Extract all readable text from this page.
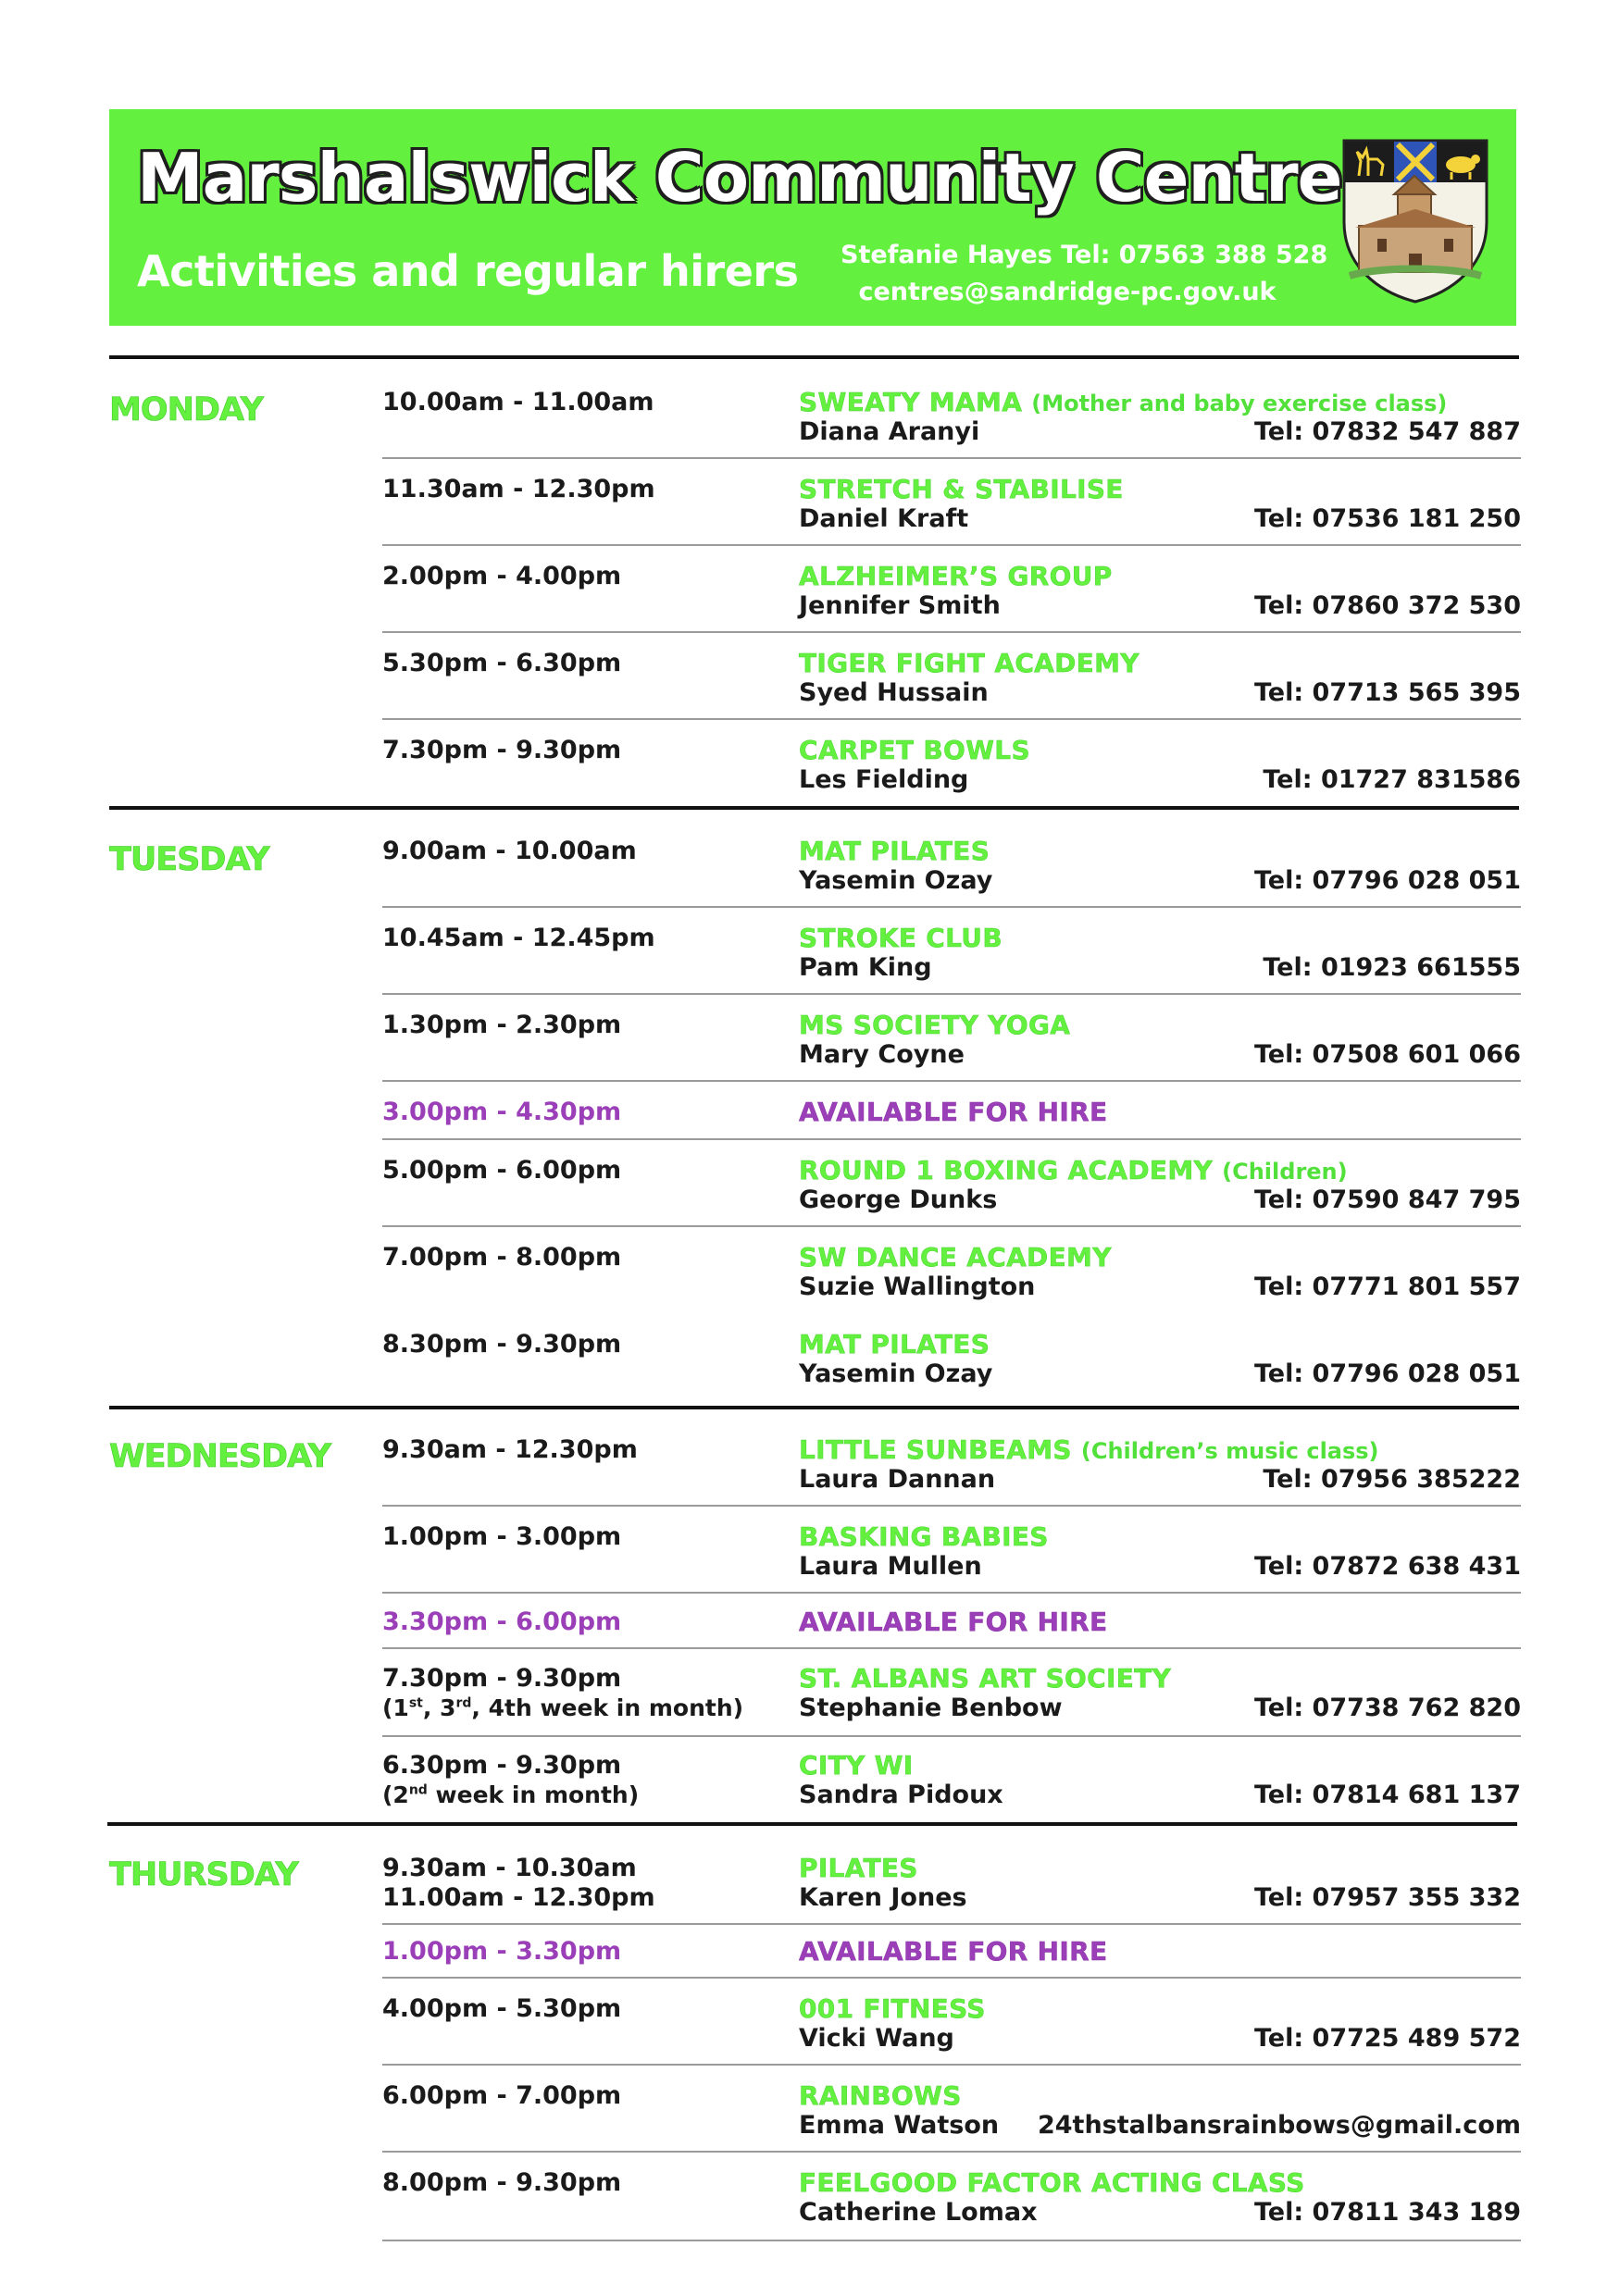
Marshalswick Community Centre
Activities and regular hirers Stefanie Hayes Tel: 07563 388 528
centres@sandridge-pc.gov.uk
MONDAY	10.00am - 11.00am	SWEATY MAMA (Mother and baby exercise class)
Diana Aranyi	Tel: 07832 547 887
11.30am - 12.30pm	STRETCH & STABILISE
Daniel Kraft	Tel: 07536 181 250
2.00pm - 4.00pm	ALZHEIMER’S GROUP
Jennifer Smith	Tel: 07860 372 530
5.30pm - 6.30pm	TIGER FIGHT ACADEMY
Syed Hussain	Tel: 07713 565 395
7.30pm - 9.30pm	CARPET BOWLS
Les Fielding	Tel: 01727 831586
TUESDAY	9.00am - 10.00am	MAT PILATES
Yasemin Ozay	Tel: 07796 028 051
10.45am - 12.45pm	STROKE CLUB
Pam King	Tel: 01923 661555
1.30pm - 2.30pm	MS SOCIETY YOGA
Mary Coyne	Tel: 07508 601 066
3.00pm - 4.30pm	AVAILABLE FOR HIRE
5.00pm - 6.00pm	ROUND 1 BOXING ACADEMY (Children)
George Dunks	Tel: 07590 847 795
7.00pm - 8.00pm	SW DANCE ACADEMY
Suzie Wallington	Tel: 07771 801 557
8.30pm - 9.30pm	MAT PILATES
Yasemin Ozay	Tel: 07796 028 051
WEDNESDAY 9.30am - 12.30pm	LITTLE SUNBEAMS (Children’s music class)
Laura Dannan	Tel: 07956 385222
1.00pm - 3.00pm	BASKING BABIES
Laura Mullen	Tel: 07872 638 431
3.30pm - 6.00pm	AVAILABLE FOR HIRE
7.30pm - 9.30pm
(1st, 3rd, 4th week in month)
ST. ALBANS ART SOCIETY
Stephanie Benbow	Tel: 07738 762 820
6.30pm - 9.30pm
(2nd week in month)
CITY WI
Sandra Pidoux	Tel: 07814 681 137
THURSDAY	9.30am - 10.30am
11.00am - 12.30pm
PILATES
Karen Jones	Tel: 07957 355 332
1.00pm - 3.30pm	AVAILABLE FOR HIRE
4.00pm - 5.30pm	001 FITNESS
Vicki Wang	Tel: 07725 489 572
6.00pm - 7.00pm	RAINBOWS
Emma Watson 24thstalbansrainbows@gmail.com
8.00pm - 9.30pm	FEELGOOD FACTOR ACTING CLASS
Catherine Lomax	Tel: 07811 343 189
